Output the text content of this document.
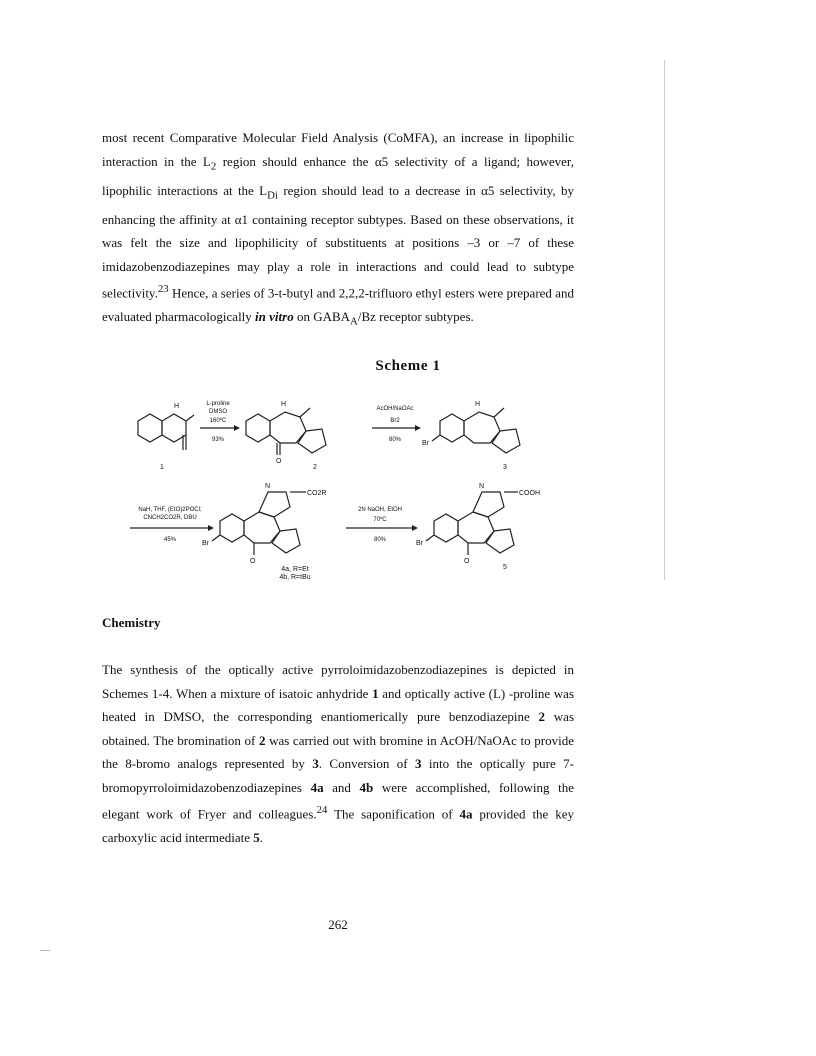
most recent Comparative Molecular Field Analysis (CoMFA), an increase in lipophilic interaction in the $L_2$ region should enhance the α5 selectivity of a ligand; however, lipophilic interactions at the $L_{Di}$ region should lead to a decrease in α5 selectivity, by enhancing the affinity at α1 containing receptor subtypes. Based on these observations, it was felt the size and lipophilicity of substituents at positions –3 or –7 of these imidazobenzodiazepines may play a role in interactions and could lead to subtype selectivity.$^{23}$ Hence, a series of 3-t-butyl and 2,2,2-trifluoro ethyl esters were prepared and evaluated pharmacologically in vitro on $GABA_A/Bz$ receptor subtypes.

Scheme 1

L-proline
DMSO
160ºC
93%
AcOH/NaOAc
Br2
80%
NaH, THF, (EtO)2POCl;
CNCH2CO2R, DBU
45%
2N NaOH, EtOH
70ºC
80%
1	2	3
4a, R=Et
4b, R=tBu
5
Br
Br	Br
CO2R	COOH
H	H	H
O
O	O
N	N

Chemistry

The synthesis of the optically active pyrroloimidazobenzodiazepines is depicted in Schemes 1-4. When a mixture of isatoic anhydride 1 and optically active (L) -proline was heated in DMSO, the corresponding enantiomerically pure benzodiazepine 2 was obtained. The bromination of 2 was carried out with bromine in AcOH/NaOAc to provide the 8-bromo analogs represented by 3. Conversion of 3 into the optically pure 7-bromopyrroloimidazobenzodiazepines 4a and 4b were accomplished, following the elegant work of Fryer and colleagues.$^{24}$ The saponification of 4a provided the key carboxylic acid intermediate 5.

262
